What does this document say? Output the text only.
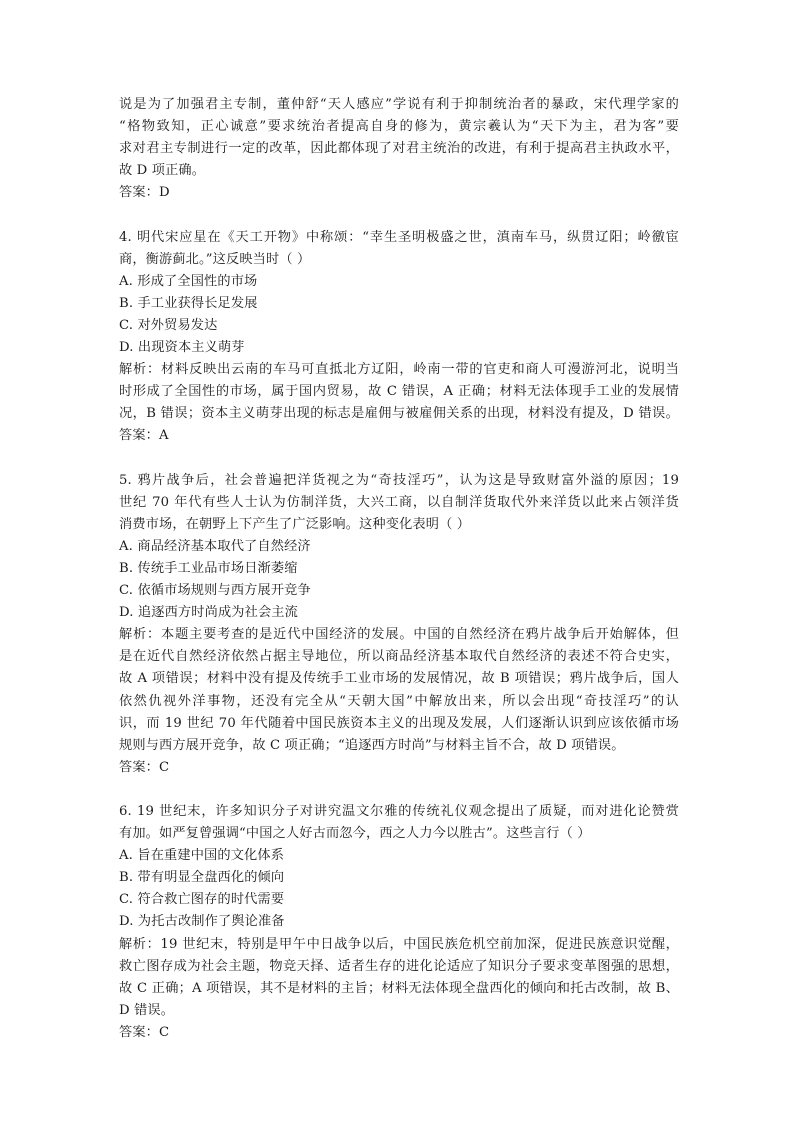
说是为了加强君主专制，董仲舒“天人感应”学说有利于抑制统治者的暴政，宋代理学家的
“格物致知，正心诚意”要求统治者提高自身的修为，黄宗羲认为“天下为主，君为客”要
求对君主专制进行一定的改革，因此都体现了对君主统治的改进，有利于提高君主执政水平，
故 D 项正确。
答案：D
4. 明代宋应星在《天工开物》中称颂：“幸生圣明极盛之世，滇南车马，纵贯辽阳；岭徼宦
商，衡游蓟北。”这反映当时（ ）
A. 形成了全国性的市场
B. 手工业获得长足发展
C. 对外贸易发达
D. 出现资本主义萌芽
解析：材料反映出云南的车马可直抵北方辽阳，岭南一带的官吏和商人可漫游河北，说明当
时形成了全国性的市场，属于国内贸易，故 C 错误，A 正确；材料无法体现手工业的发展情
况，B 错误；资本主义萌芽出现的标志是雇佣与被雇佣关系的出现，材料没有提及，D 错误。
答案：A
5. 鸦片战争后，社会普遍把洋货视之为“奇技淫巧”，认为这是导致财富外溢的原因；19
世纪 70 年代有些人士认为仿制洋货，大兴工商，以自制洋货取代外来洋货以此来占领洋货
消费市场，在朝野上下产生了广泛影响。这种变化表明（ ）
A. 商品经济基本取代了自然经济
B. 传统手工业品市场日渐萎缩
C. 依循市场规则与西方展开竞争
D. 追逐西方时尚成为社会主流
解析：本题主要考查的是近代中国经济的发展。中国的自然经济在鸦片战争后开始解体，但
是在近代自然经济依然占据主导地位，所以商品经济基本取代自然经济的表述不符合史实，
故 A 项错误；材料中没有提及传统手工业市场的发展情况，故 B 项错误；鸦片战争后，国人
依然仇视外洋事物，还没有完全从“天朝大国”中解放出来，所以会出现“奇技淫巧”的认
识，而 19 世纪 70 年代随着中国民族资本主义的出现及发展，人们逐渐认识到应该依循市场
规则与西方展开竞争，故 C 项正确；“追逐西方时尚”与材料主旨不合，故 D 项错误。
答案：C
6. 19 世纪末，许多知识分子对讲究温文尔雅的传统礼仪观念提出了质疑，而对进化论赞赏
有加。如严复曾强调“中国之人好古而忽今，西之人力今以胜古”。这些言行（ ）
A. 旨在重建中国的文化体系
B. 带有明显全盘西化的倾向
C. 符合救亡图存的时代需要
D. 为托古改制作了舆论准备
解析：19 世纪末，特别是甲午中日战争以后，中国民族危机空前加深，促进民族意识觉醒，
救亡图存成为社会主题，物竞天择、适者生存的进化论适应了知识分子要求变革图强的思想，
故 C 正确；A 项错误，其不是材料的主旨；材料无法体现全盘西化的倾向和托古改制，故 B、
D 错误。
答案：C
